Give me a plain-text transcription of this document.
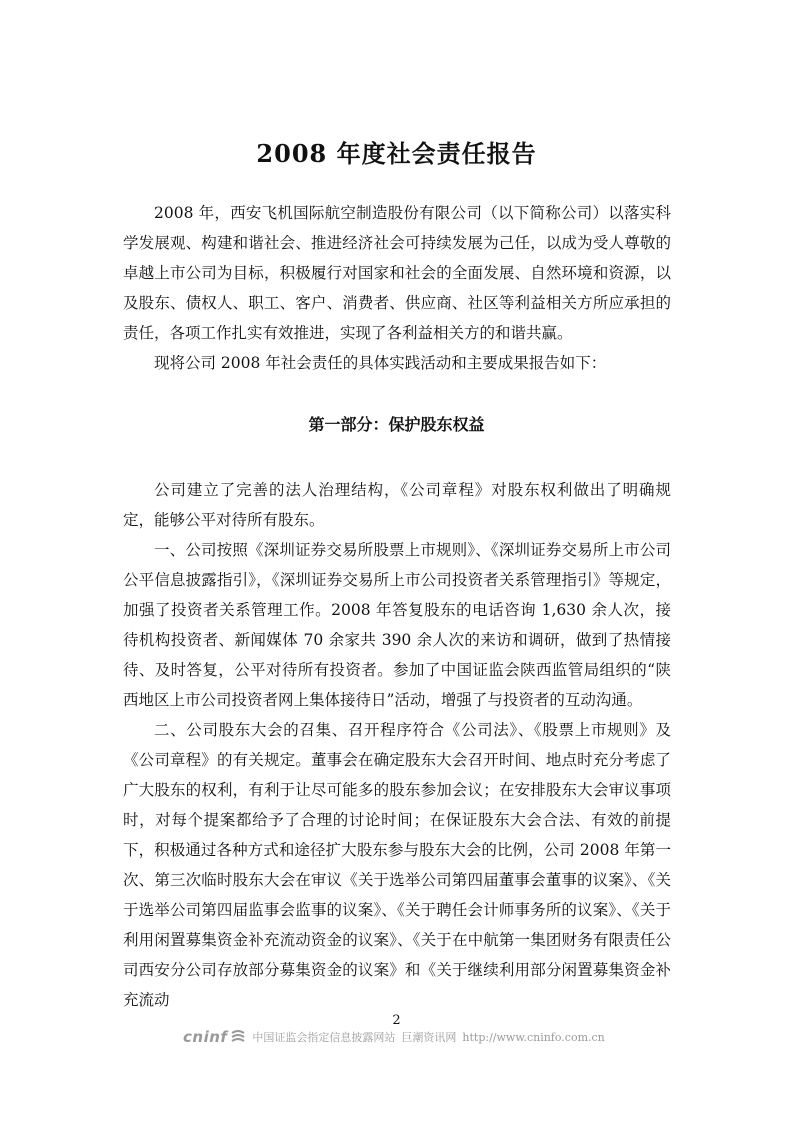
2008 年度社会责任报告

2008 年，西安飞机国际航空制造股份有限公司（以下简称公司）以落实科学发展观、构建和谐社会、推进经济社会可持续发展为己任，以成为受人尊敬的卓越上市公司为目标，积极履行对国家和社会的全面发展、自然环境和资源，以及股东、债权人、职工、客户、消费者、供应商、社区等利益相关方所应承担的责任，各项工作扎实有效推进，实现了各利益相关方的和谐共赢。

现将公司 2008 年社会责任的具体实践活动和主要成果报告如下：

第一部分：保护股东权益

公司建立了完善的法人治理结构，《公司章程》对股东权利做出了明确规定，能够公平对待所有股东。

一、公司按照《深圳证券交易所股票上市规则》、《深圳证券交易所上市公司公平信息披露指引》，《深圳证券交易所上市公司投资者关系管理指引》等规定，加强了投资者关系管理工作。2008 年答复股东的电话咨询 1,630 余人次，接待机构投资者、新闻媒体 70 余家共 390 余人次的来访和调研，做到了热情接待、及时答复，公平对待所有投资者。参加了中国证监会陕西监管局组织的“陕西地区上市公司投资者网上集体接待日”活动，增强了与投资者的互动沟通。

二、公司股东大会的召集、召开程序符合《公司法》、《股票上市规则》及《公司章程》的有关规定。董事会在确定股东大会召开时间、地点时充分考虑了广大股东的权利，有利于让尽可能多的股东参加会议；在安排股东大会审议事项时，对每个提案都给予了合理的讨论时间；在保证股东大会合法、有效的前提下，积极通过各种方式和途径扩大股东参与股东大会的比例，公司 2008 年第一次、第三次临时股东大会在审议《关于选举公司第四届董事会董事的议案》、《关于选举公司第四届监事会监事的议案》、《关于聘任会计师事务所的议案》、《关于利用闲置募集资金补充流动资金的议案》、《关于在中航第一集团财务有限责任公司西安分公司存放部分募集资金的议案》和《关于继续利用部分闲置募集资金补充流动

2
cninf 中国证监会指定信息披露网站 巨潮资讯网 http://www.cninfo.com.cn
